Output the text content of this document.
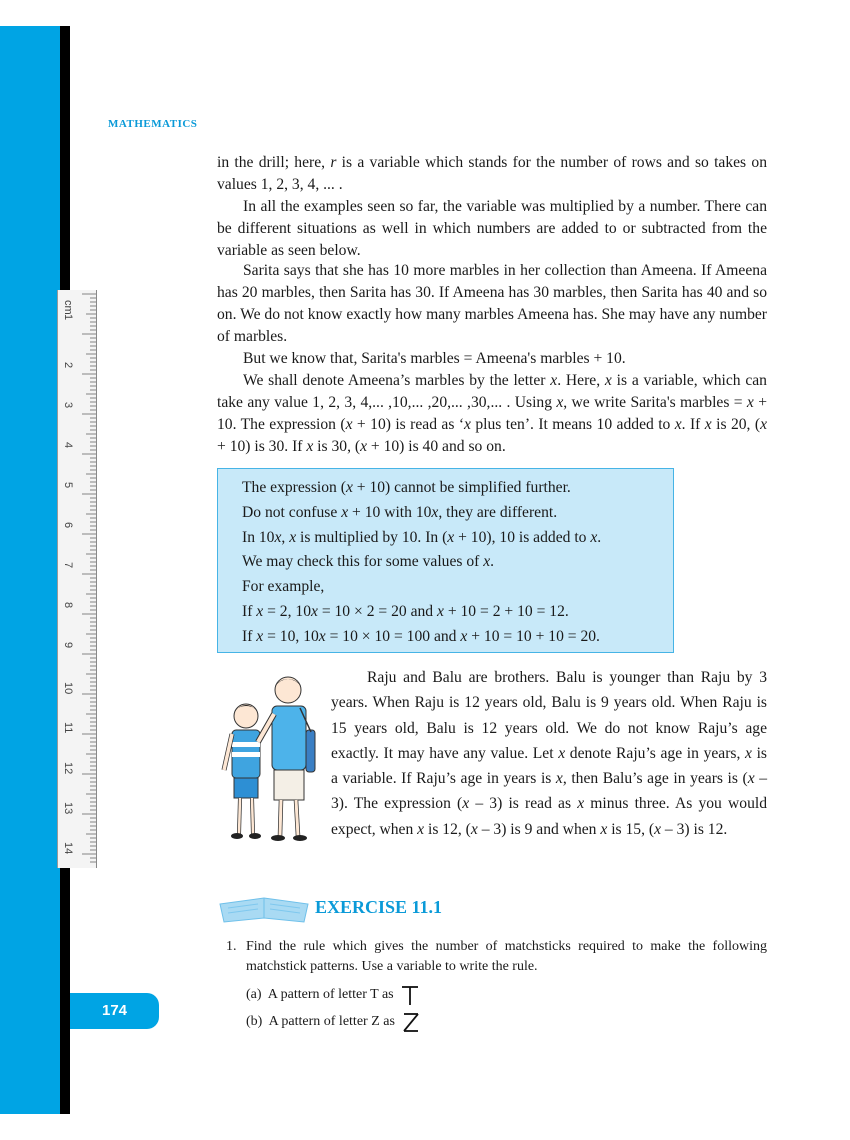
cm
1
2
3
4
5
6
7
8
9
10
11
12
13
14
MATHEMATICS

in the drill; here, r is a variable which stands for the number of rows and so takes on values 1, 2, 3, 4, ... .

In all the examples seen so far, the variable was multiplied by a number. There can be different situations as well in which numbers are added to or subtracted from the variable as seen below.

Sarita says that she has 10 more marbles in her collection than Ameena. If Ameena has 20 marbles, then Sarita has 30. If Ameena has 30 marbles, then Sarita has 40 and so on. We do not know exactly how many marbles Ameena has. She may have any number of marbles.

But we know that, Sarita's marbles = Ameena's marbles + 10.

We shall denote Ameena’s marbles by the letter x. Here, x is a variable, which can take any value 1, 2, 3, 4,... ,10,... ,20,... ,30,... . Using x, we write Sarita's marbles = x + 10. The expression (x + 10) is read as ‘x plus ten’. It means 10 added to x. If x is 20, (x + 10) is 30. If x is 30, (x + 10) is 40 and so on.

The expression (x + 10) cannot be simplified further.
Do not confuse x + 10 with 10x, they are different.
In 10x, x is multiplied by 10. In (x + 10), 10 is added to x.
We may check this for some values of x.
For example,
If x = 2, 10x = 10 × 2 = 20 and x + 10 = 2 + 10 = 12.
If x = 10, 10x = 10 × 10 = 100 and x + 10 = 10 + 10 = 20.

Raju and Balu are brothers. Balu is younger than Raju by 3 years. When Raju is 12 years old, Balu is 9 years old. When Raju is 15 years old, Balu is 12 years old. We do not know Raju’s age exactly. It may have any value. Let x denote Raju’s age in years, x is a variable. If Raju’s age in years is x, then Balu’s age in years is (x – 3). The expression (x – 3) is read as x minus three. As you would expect, when x is 12, (x – 3) is 9 and when x is 15, (x – 3) is 12.

EXERCISE 11.1
1. Find the rule which gives the number of matchsticks required to make the following matchstick patterns. Use a variable to write the rule.
(a) A pattern of letter T as
(b) A pattern of letter Z as
174
